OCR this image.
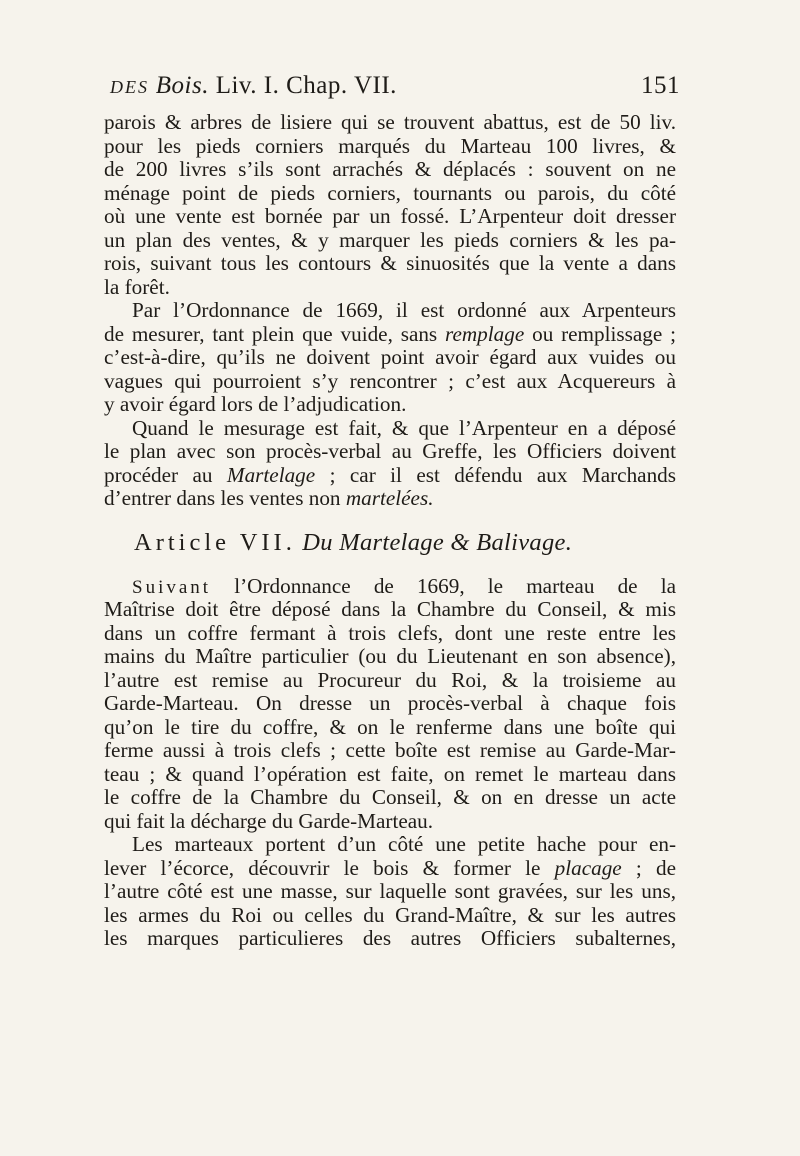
DES Bois. Liv. I. Chap. VII.	151
parois & arbres de lisiere qui se trouvent abattus, est de 50 liv.
pour les pieds corniers marqués du Marteau 100 livres, &
de 200 livres s’ils sont arrachés & déplacés : souvent on ne
ménage point de pieds corniers, tournants ou parois, du côté
où une vente est bornée par un fossé. L’Arpenteur doit dresser
un plan des ventes, & y marquer les pieds corniers & les pa-
rois, suivant tous les contours & sinuosités que la vente a dans
la forêt.
Par l’Ordonnance de 1669, il est ordonné aux Arpenteurs
de mesurer, tant plein que vuide, sans remplage ou remplissage ;
c’est-à-dire, qu’ils ne doivent point avoir égard aux vuides ou
vagues qui pourroient s’y rencontrer ; c’est aux Acquereurs à
y avoir égard lors de l’adjudication.
Quand le mesurage est fait, & que l’Arpenteur en a déposé
le plan avec son procès-verbal au Greffe, les Officiers doivent
procéder au Martelage ; car il est défendu aux Marchands
d’entrer dans les ventes non martelées.
Article VII. Du Martelage & Balivage.
Suivant l’Ordonnance de 1669, le marteau de la
Maîtrise doit être déposé dans la Chambre du Conseil, & mis
dans un coffre fermant à trois clefs, dont une reste entre les
mains du Maître particulier (ou du Lieutenant en son absence),
l’autre est remise au Procureur du Roi, & la troisieme au
Garde-Marteau. On dresse un procès-verbal à chaque fois
qu’on le tire du coffre, & on le renferme dans une boîte qui
ferme aussi à trois clefs ; cette boîte est remise au Garde-Mar-
teau ; & quand l’opération est faite, on remet le marteau dans
le coffre de la Chambre du Conseil, & on en dresse un acte
qui fait la décharge du Garde-Marteau.
Les marteaux portent d’un côté une petite hache pour en-
lever l’écorce, découvrir le bois & former le placage ; de
l’autre côté est une masse, sur laquelle sont gravées, sur les uns,
les armes du Roi ou celles du Grand-Maître, & sur les autres
les marques particulieres des autres Officiers subalternes,
